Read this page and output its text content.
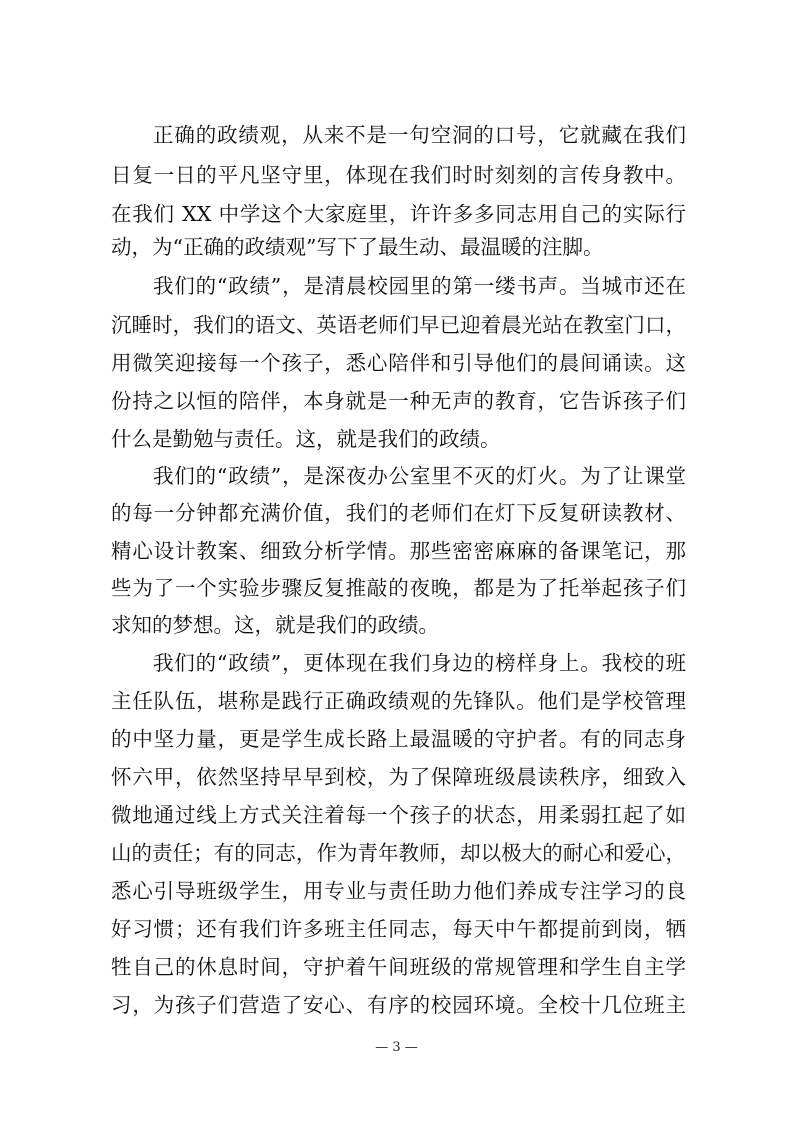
正确的政绩观，从来不是一句空洞的口号，它就藏在我们
日复一日的平凡坚守里，体现在我们时时刻刻的言传身教中。
在我们 XX 中学这个大家庭里，许许多多同志用自己的实际行
动，为“正确的政绩观”写下了最生动、最温暖的注脚。
我们的“政绩”，是清晨校园里的第一缕书声。当城市还在
沉睡时，我们的语文、英语老师们早已迎着晨光站在教室门口，
用微笑迎接每一个孩子，悉心陪伴和引导他们的晨间诵读。这
份持之以恒的陪伴，本身就是一种无声的教育，它告诉孩子们
什么是勤勉与责任。这，就是我们的政绩。
我们的“政绩”，是深夜办公室里不灭的灯火。为了让课堂
的每一分钟都充满价值，我们的老师们在灯下反复研读教材、
精心设计教案、细致分析学情。那些密密麻麻的备课笔记，那
些为了一个实验步骤反复推敲的夜晚，都是为了托举起孩子们
求知的梦想。这，就是我们的政绩。
我们的“政绩”，更体现在我们身边的榜样身上。我校的班
主任队伍，堪称是践行正确政绩观的先锋队。他们是学校管理
的中坚力量，更是学生成长路上最温暖的守护者。有的同志身
怀六甲，依然坚持早早到校，为了保障班级晨读秩序，细致入
微地通过线上方式关注着每一个孩子的状态，用柔弱扛起了如
山的责任；有的同志，作为青年教师，却以极大的耐心和爱心，
悉心引导班级学生，用专业与责任助力他们养成专注学习的良
好习惯；还有我们许多班主任同志，每天中午都提前到岗，牺
牲自己的休息时间，守护着午间班级的常规管理和学生自主学
习，为孩子们营造了安心、有序的校园环境。全校十几位班主
— 3 —
